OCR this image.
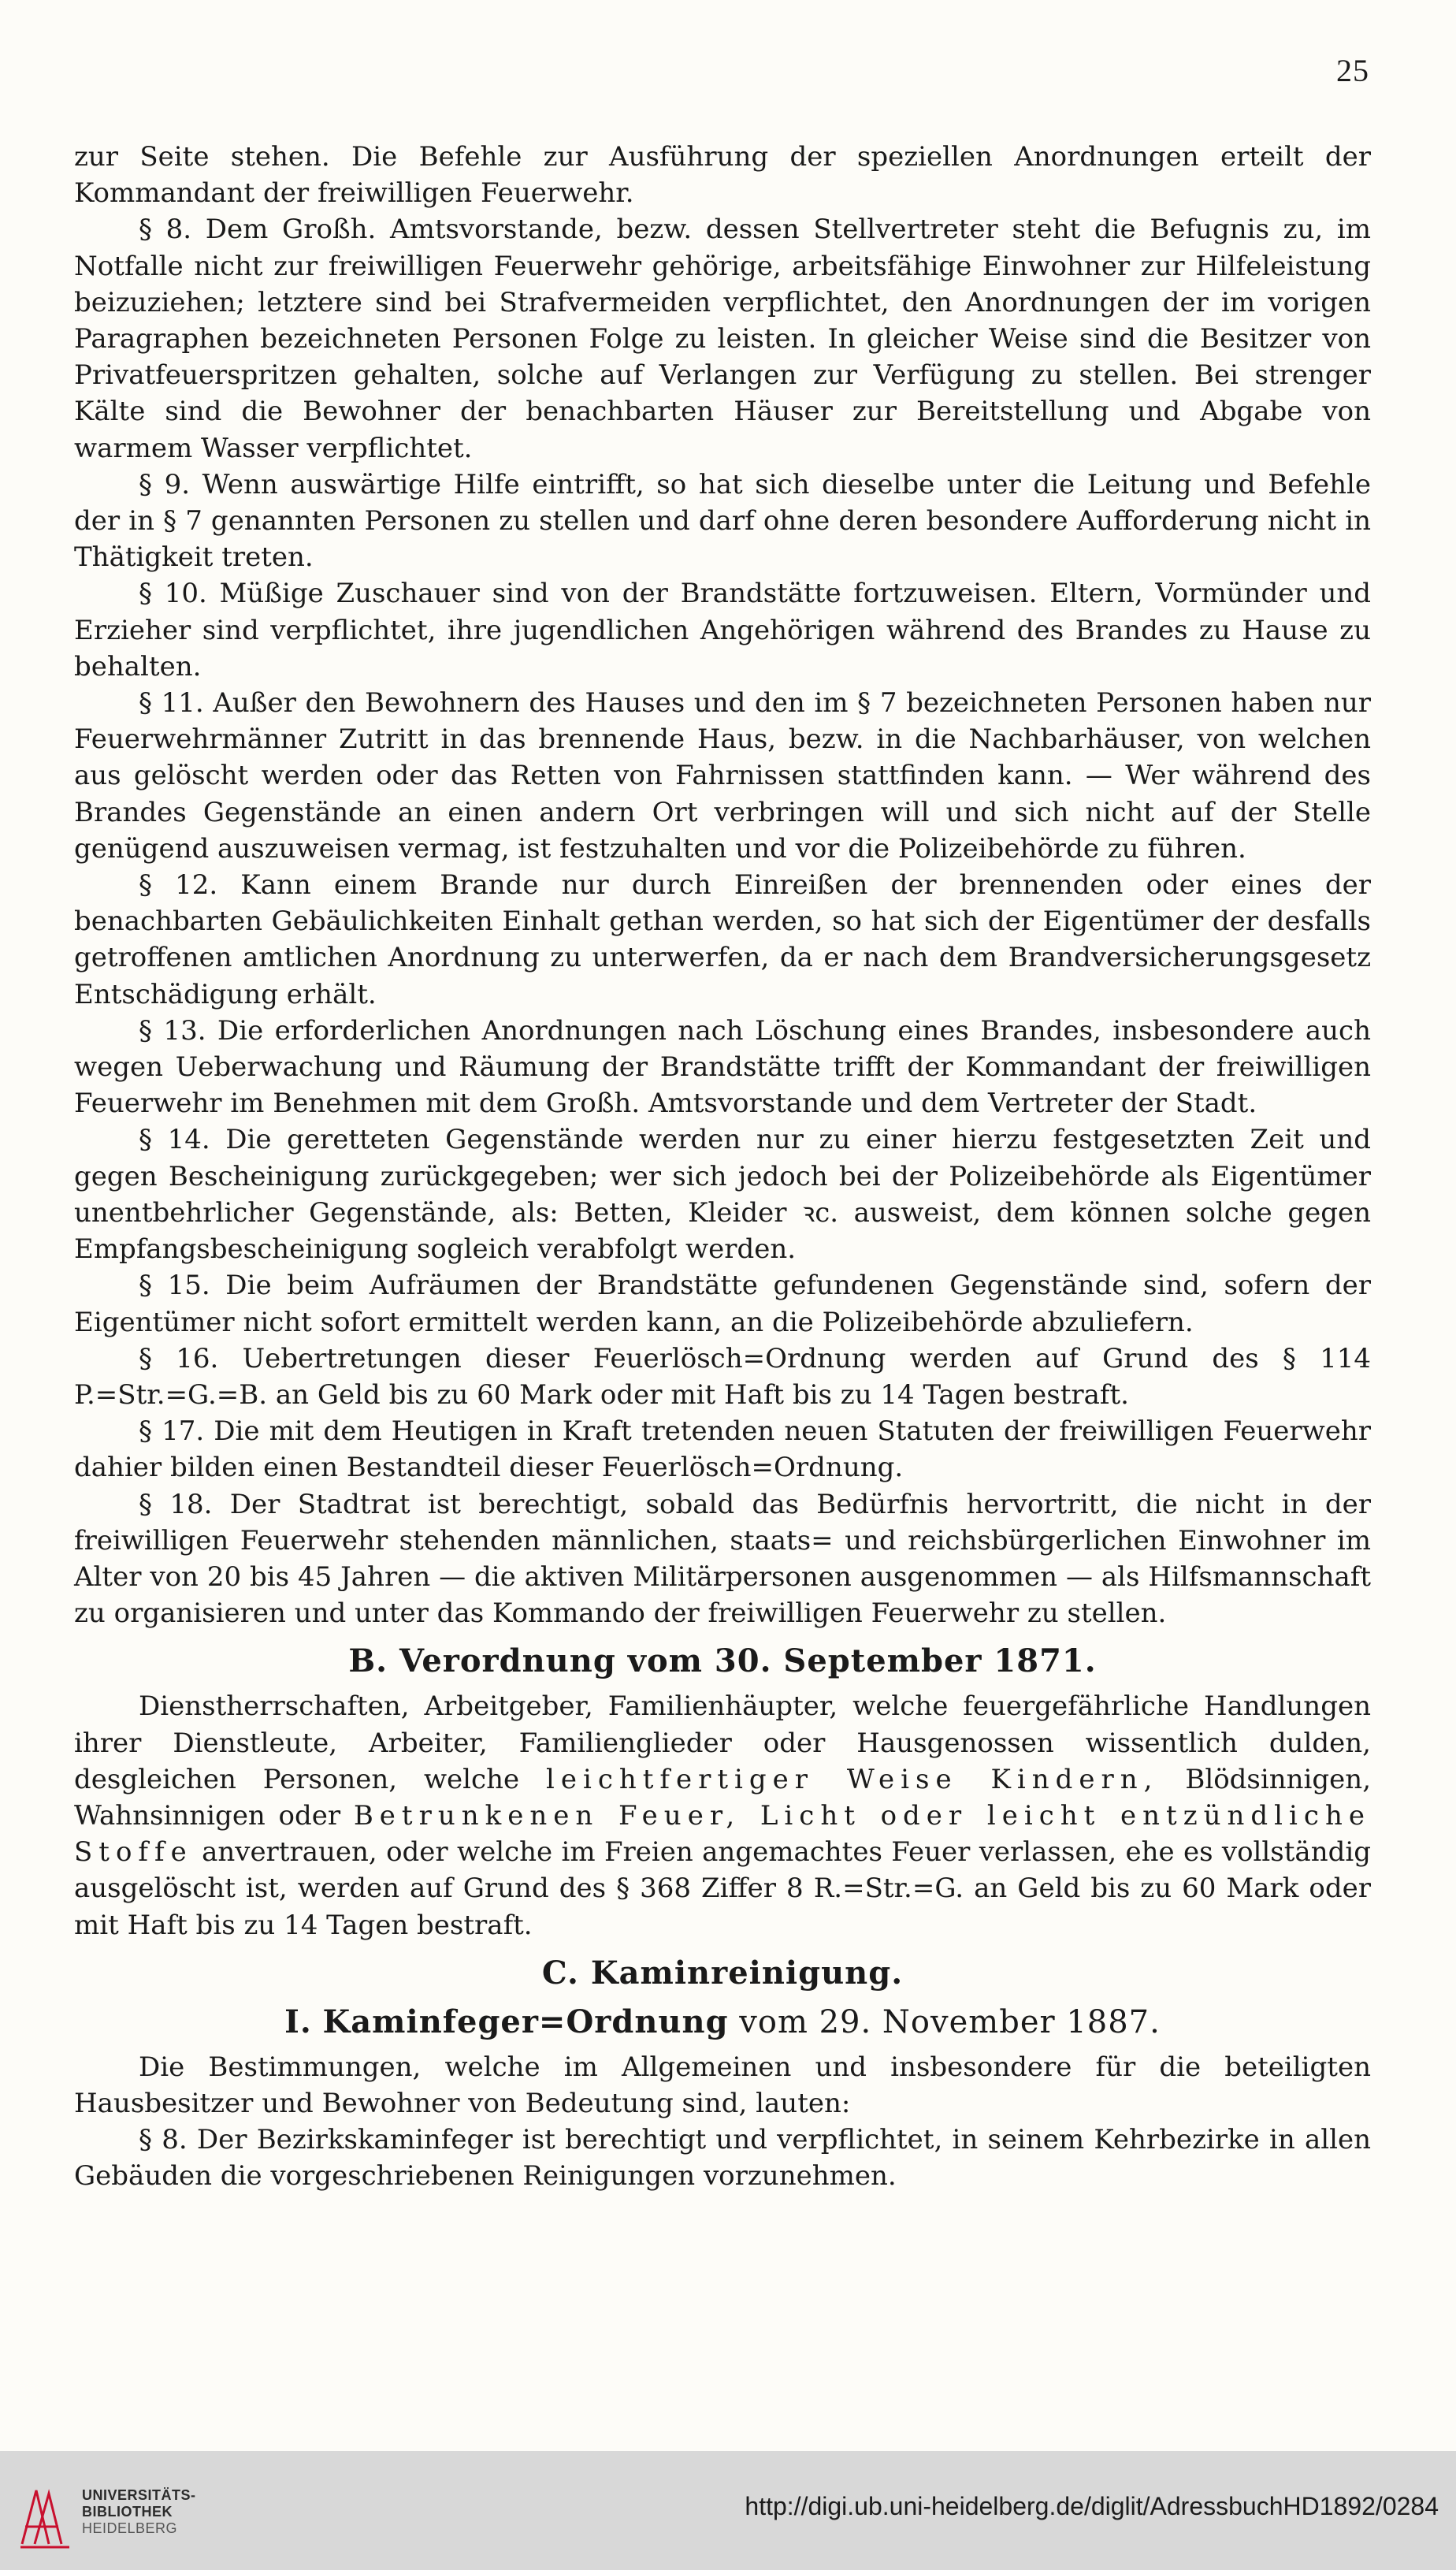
25

zur Seite stehen. Die Befehle zur Ausführung der speziellen Anordnungen erteilt der Kommandant der freiwilligen Feuerwehr.

§ 8. Dem Großh. Amtsvorstande, bezw. dessen Stellvertreter steht die Befugnis zu, im Notfalle nicht zur freiwilligen Feuerwehr gehörige, arbeitsfähige Einwohner zur Hilfeleistung beizuziehen; letztere sind bei Strafvermeiden verpflichtet, den Anordnungen der im vorigen Paragraphen bezeichneten Personen Folge zu leisten. In gleicher Weise sind die Besitzer von Privatfeuerspritzen gehalten, solche auf Verlangen zur Verfügung zu stellen. Bei strenger Kälte sind die Bewohner der benachbarten Häuser zur Bereitstellung und Abgabe von warmem Wasser verpflichtet.

§ 9. Wenn auswärtige Hilfe eintrifft, so hat sich dieselbe unter die Leitung und Befehle der in § 7 genannten Personen zu stellen und darf ohne deren besondere Aufforderung nicht in Thätigkeit treten.

§ 10. Müßige Zuschauer sind von der Brandstätte fortzuweisen. Eltern, Vormünder und Erzieher sind verpflichtet, ihre jugendlichen Angehörigen während des Brandes zu Hause zu behalten.

§ 11. Außer den Bewohnern des Hauses und den im § 7 bezeichneten Personen haben nur Feuerwehrmänner Zutritt in das brennende Haus, bezw. in die Nachbarhäuser, von welchen aus gelöscht werden oder das Retten von Fahrnissen stattfinden kann. — Wer während des Brandes Gegenstände an einen andern Ort verbringen will und sich nicht auf der Stelle genügend auszuweisen vermag, ist festzuhalten und vor die Polizeibehörde zu führen.

§ 12. Kann einem Brande nur durch Einreißen der brennenden oder eines der benachbarten Gebäulichkeiten Einhalt gethan werden, so hat sich der Eigentümer der desfalls getroffenen amtlichen Anordnung zu unterwerfen, da er nach dem Brandversicherungsgesetz Entschädigung erhält.

§ 13. Die erforderlichen Anordnungen nach Löschung eines Brandes, insbesondere auch wegen Ueberwachung und Räumung der Brandstätte trifft der Kommandant der freiwilligen Feuerwehr im Benehmen mit dem Großh. Amtsvorstande und dem Vertreter der Stadt.

§ 14. Die geretteten Gegenstände werden nur zu einer hierzu festgesetzten Zeit und gegen Bescheinigung zurückgegeben; wer sich jedoch bei der Polizeibehörde als Eigentümer unentbehrlicher Gegenstände, als: Betten, Kleider ꝛc. ausweist, dem können solche gegen Empfangsbescheinigung sogleich verabfolgt werden.

§ 15. Die beim Aufräumen der Brandstätte gefundenen Gegenstände sind, sofern der Eigentümer nicht sofort ermittelt werden kann, an die Polizeibehörde abzuliefern.

§ 16. Uebertretungen dieser Feuerlösch=Ordnung werden auf Grund des § 114 P.=Str.=G.=B. an Geld bis zu 60 Mark oder mit Haft bis zu 14 Tagen bestraft.

§ 17. Die mit dem Heutigen in Kraft tretenden neuen Statuten der freiwilligen Feuerwehr dahier bilden einen Bestandteil dieser Feuerlösch=Ordnung.

§ 18. Der Stadtrat ist berechtigt, sobald das Bedürfnis hervortritt, die nicht in der freiwilligen Feuerwehr stehenden männlichen, staats= und reichsbürgerlichen Einwohner im Alter von 20 bis 45 Jahren — die aktiven Militärpersonen ausgenommen — als Hilfsmannschaft zu organisieren und unter das Kommando der freiwilligen Feuerwehr zu stellen.

B. Verordnung vom 30. September 1871.

Dienstherrschaften, Arbeitgeber, Familienhäupter, welche feuergefährliche Handlungen ihrer Dienstleute, Arbeiter, Familienglieder oder Hausgenossen wissentlich dulden, desgleichen Personen, welche leichtfertiger Weise Kindern, Blödsinnigen, Wahnsinnigen oder Betrunkenen Feuer, Licht oder leicht entzündliche Stoffe anvertrauen, oder welche im Freien angemachtes Feuer verlassen, ehe es vollständig ausgelöscht ist, werden auf Grund des § 368 Ziffer 8 R.=Str.=G. an Geld bis zu 60 Mark oder mit Haft bis zu 14 Tagen bestraft.

C. Kaminreinigung.
I. Kaminfeger=Ordnung vom 29. November 1887.

Die Bestimmungen, welche im Allgemeinen und insbesondere für die beteiligten Hausbesitzer und Bewohner von Bedeutung sind, lauten:

§ 8. Der Bezirkskaminfeger ist berechtigt und verpflichtet, in seinem Kehrbezirke in allen Gebäuden die vorgeschriebenen Reinigungen vorzunehmen.

UNIVERSITÄTS-
BIBLIOTHEK
HEIDELBERG
http://digi.ub.uni-heidelberg.de/diglit/AdressbuchHD1892/0284
